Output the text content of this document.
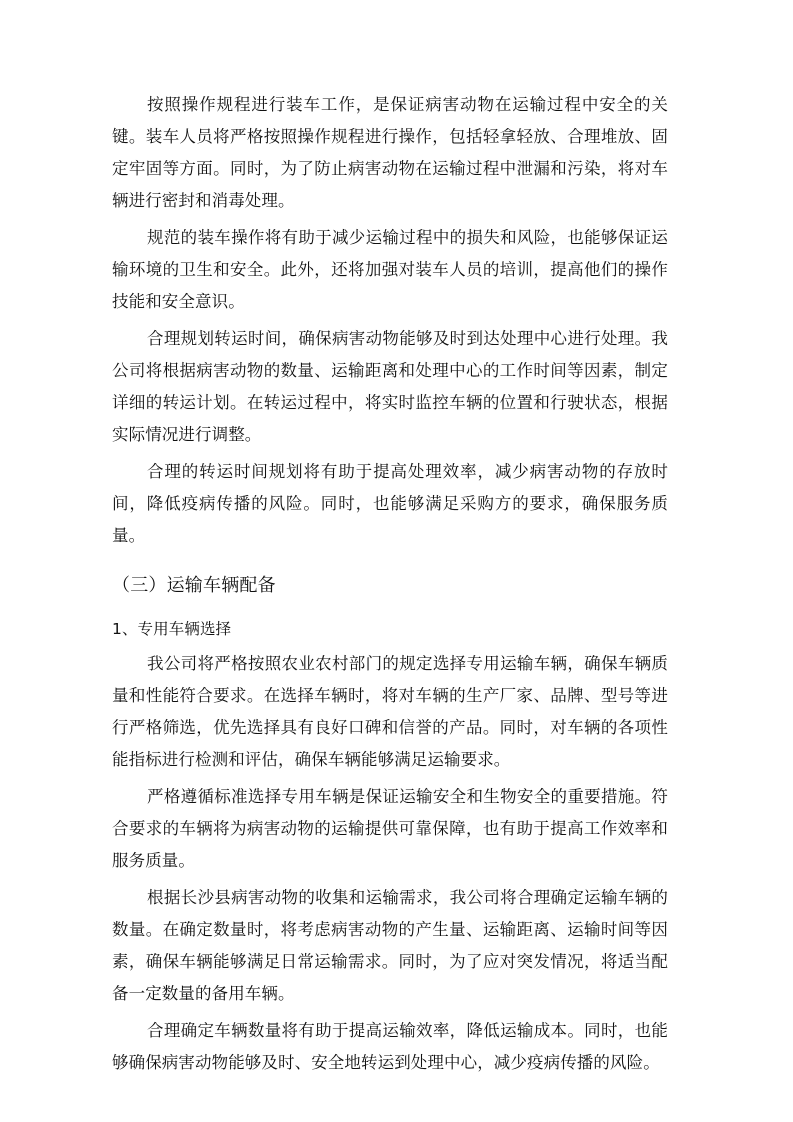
按照操作规程进行装车工作，是保证病害动物在运输过程中安全的关键。装车人员将严格按照操作规程进行操作，包括轻拿轻放、合理堆放、固定牢固等方面。同时，为了防止病害动物在运输过程中泄漏和污染，将对车辆进行密封和消毒处理。

规范的装车操作将有助于减少运输过程中的损失和风险，也能够保证运输环境的卫生和安全。此外，还将加强对装车人员的培训，提高他们的操作技能和安全意识。

合理规划转运时间，确保病害动物能够及时到达处理中心进行处理。我公司将根据病害动物的数量、运输距离和处理中心的工作时间等因素，制定详细的转运计划。在转运过程中，将实时监控车辆的位置和行驶状态，根据实际情况进行调整。

合理的转运时间规划将有助于提高处理效率，减少病害动物的存放时间，降低疫病传播的风险。同时，也能够满足采购方的要求，确保服务质量。

（三）运输车辆配备
1、专用车辆选择

我公司将严格按照农业农村部门的规定选择专用运输车辆，确保车辆质量和性能符合要求。在选择车辆时，将对车辆的生产厂家、品牌、型号等进行严格筛选，优先选择具有良好口碑和信誉的产品。同时，对车辆的各项性能指标进行检测和评估，确保车辆能够满足运输要求。

严格遵循标准选择专用车辆是保证运输安全和生物安全的重要措施。符合要求的车辆将为病害动物的运输提供可靠保障，也有助于提高工作效率和服务质量。

根据长沙县病害动物的收集和运输需求，我公司将合理确定运输车辆的数量。在确定数量时，将考虑病害动物的产生量、运输距离、运输时间等因素，确保车辆能够满足日常运输需求。同时，为了应对突发情况，将适当配备一定数量的备用车辆。

合理确定车辆数量将有助于提高运输效率，降低运输成本。同时，也能够确保病害动物能够及时、安全地转运到处理中心，减少疫病传播的风险。
